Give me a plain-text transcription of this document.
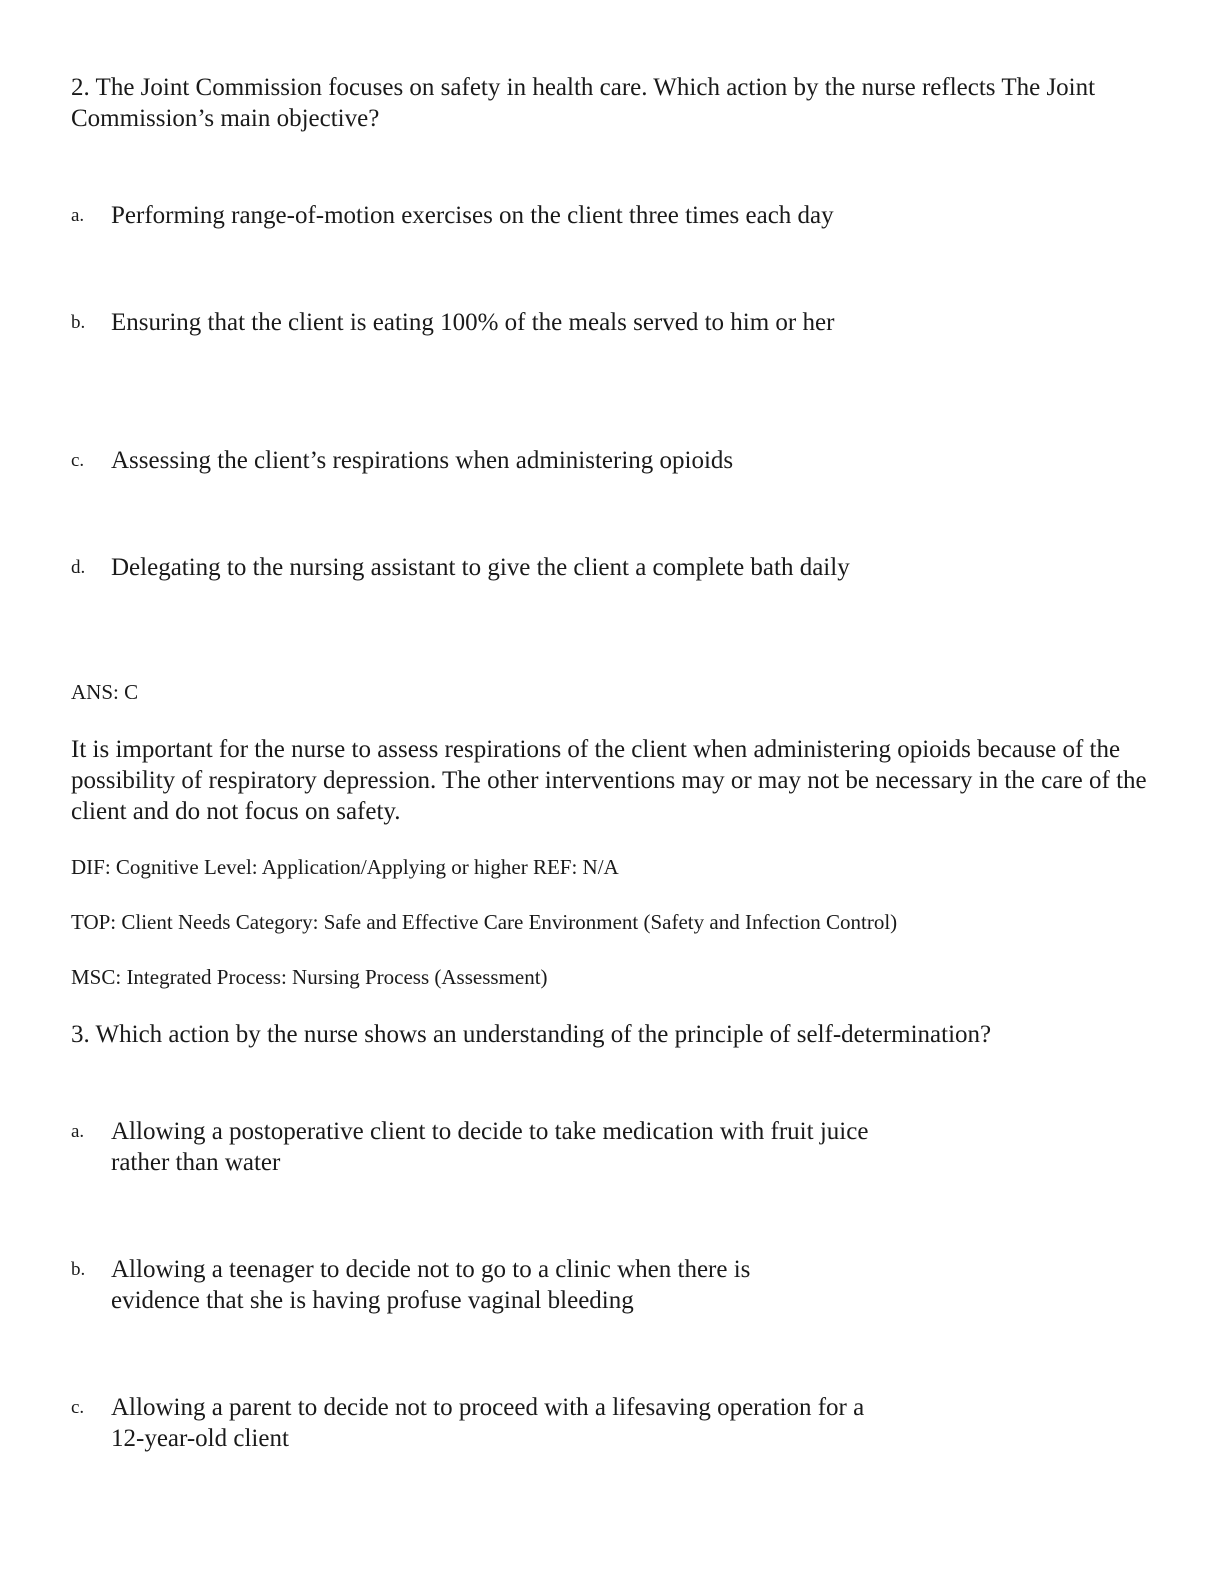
2. The Joint Commission focuses on safety in health care. Which action by the nurse reflects The Joint Commission’s main objective?

a.	Performing range-of-motion exercises on the client three times each day
b.	Ensuring that the client is eating 100% of the meals served to him or her
c.	Assessing the client’s respirations when administering opioids
d.	Delegating to the nursing assistant to give the client a complete bath daily

ANS: C

It is important for the nurse to assess respirations of the client when administering opioids because of the possibility of respiratory depression. The other interventions may or may not be necessary in the care of the client and do not focus on safety.

DIF: Cognitive Level: Application/Applying or higher REF: N/A

TOP: Client Needs Category: Safe and Effective Care Environment (Safety and Infection Control)

MSC: Integrated Process: Nursing Process (Assessment)

3. Which action by the nurse shows an understanding of the principle of self-determination?

a.	Allowing a postoperative client to decide to take medication with fruit juice rather than water
b.	Allowing a teenager to decide not to go to a clinic when there is evidence that she is having profuse vaginal bleeding
c.	Allowing a parent to decide not to proceed with a lifesaving operation for a 12-year-old client
